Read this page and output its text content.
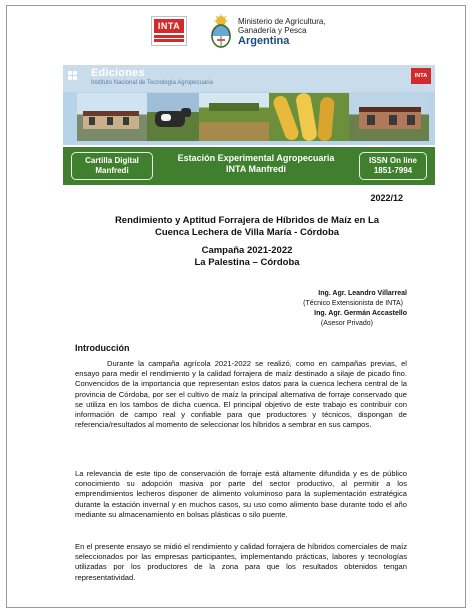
INTA	Ministerio de Agricultura,
Ganadería y Pesca
Argentina
Ediciones
Instituto Nacional de Tecnología Agropecuaria
INTA
Cartilla Digital
Manfredi
Estación Experimental Agropecuaria
INTA Manfredi
ISSN On line
1851-7994
2022/12
Rendimiento y Aptitud Forrajera de Híbridos de Maíz en La
Cuenca Lechera de Villa María - Córdoba
Campaña 2021-2022
La Palestina – Córdoba
Ing. Agr. Leandro Villarreal
(Técnico Extensionista de INTA)
Ing. Agr. Germán Accastello
(Asesor Privado)
Introducción
Durante la campaña agrícola 2021-2022 se realizó, como en campañas previas, el ensayo para medir el rendimiento y la calidad forrajera de maíz destinado a silaje de picado fino. Convencidos de la importancia que representan estos datos para la cuenca lechera central de la provincia de Córdoba, por ser el cultivo de maíz la principal alternativa de forraje conservado que se utiliza en los tambos de dicha cuenca. El principal objetivo de este trabajo es contribuir con información de campo real y confiable para que productores y técnicos, dispongan de referencia/resultados al momento de seleccionar los híbridos a sembrar en sus campos.
La relevancia de este tipo de conservación de forraje está altamente difundida y es de público conocimiento su adopción masiva por parte del sector productivo, al permitir a los emprendimientos lecheros disponer de alimento voluminoso para la suplementación estratégica durante la estación invernal y en muchos casos, su uso como alimento base durante todo el año mediante su almacenamiento en bolsas plásticas o silo puente.
En el presente ensayo se midió el rendimiento y calidad forrajera de híbridos comerciales de maíz seleccionados por las empresas participantes, implementando prácticas, labores y tecnologías utilizadas por los productores de la zona para que los resultados obtenidos tengan representatividad.
